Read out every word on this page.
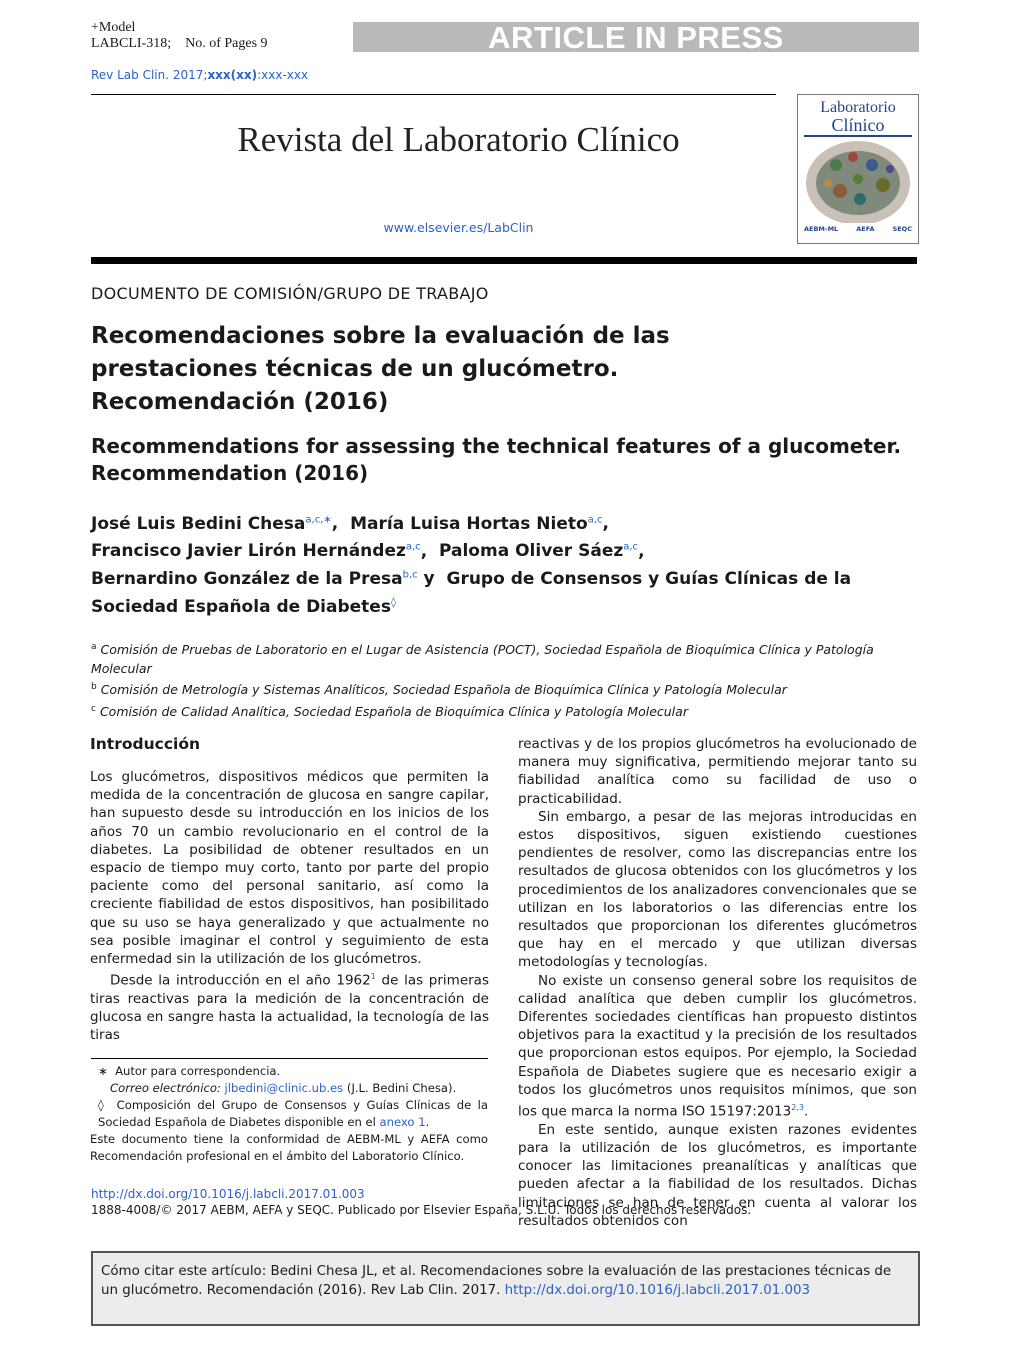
+Model
LABCLI-318;    No. of Pages 9	ARTICLE IN PRESS
Rev Lab Clin. 2017;xxx(xx):xxx-xxx
Revista del Laboratorio Clínico
www.elsevier.es/LabClin
Laboratorio
Clínico
AEBM-ML	AEFA	SEQC
DOCUMENTO DE COMISIÓN/GRUPO DE TRABAJO
Recomendaciones sobre la evaluación de las prestaciones técnicas de un glucómetro. Recomendación (2016)
Recommendations for assessing the technical features of a glucometer. Recommendation (2016)
José Luis Bedini Chesa$^{a,c,∗}$,  María Luisa Hortas Nieto$^{a,c}$,
Francisco Javier Lirón Hernández$^{a,c}$,  Paloma Oliver Sáez$^{a,c}$,
Bernardino González de la Presa$^{b,c}$ y  Grupo de Consensos y Guías Clínicas de la Sociedad Española de Diabetes◊
$^a$ Comisión de Pruebas de Laboratorio en el Lugar de Asistencia (POCT), Sociedad Española de Bioquímica Clínica y Patología Molecular
$^b$ Comisión de Metrología y Sistemas Analíticos, Sociedad Española de Bioquímica Clínica y Patología Molecular
$^c$ Comisión de Calidad Analítica, Sociedad Española de Bioquímica Clínica y Patología Molecular
Introducción

Los glucómetros, dispositivos médicos que permiten la medida de la concentración de glucosa en sangre capilar, han supuesto desde su introducción en los inicios de los años 70 un cambio revolucionario en el control de la diabetes. La posibilidad de obtener resultados en un espacio de tiempo muy corto, tanto por parte del propio paciente como del personal sanitario, así como la creciente fiabilidad de estos dispositivos, han posibilitado que su uso se haya generalizado y que actualmente no sea posible imaginar el control y seguimiento de esta enfermedad sin la utilización de los glucómetros.

Desde la introducción en el año 1962$^1$ de las primeras tiras reactivas para la medición de la concentración de glucosa en sangre hasta la actualidad, la tecnología de las tiras

reactivas y de los propios glucómetros ha evolucionado de manera muy significativa, permitiendo mejorar tanto su fiabilidad analítica como su facilidad de uso o practicabilidad.

Sin embargo, a pesar de las mejoras introducidas en estos dispositivos, siguen existiendo cuestiones pendientes de resolver, como las discrepancias entre los resultados de glucosa obtenidos con los glucómetros y los procedimientos de los analizadores convencionales que se utilizan en los laboratorios o las diferencias entre los resultados que proporcionan los diferentes glucómetros que hay en el mercado y que utilizan diversas metodologías y tecnologías.

No existe un consenso general sobre los requisitos de calidad analítica que deben cumplir los glucómetros. Diferentes sociedades científicas han propuesto distintos objetivos para la exactitud y la precisión de los resultados que proporcionan estos equipos. Por ejemplo, la Sociedad Española de Diabetes sugiere que es necesario exigir a todos los glucómetros unos requisitos mínimos, que son los que marca la norma ISO 15197:2013$^{2,3}$.

En este sentido, aunque existen razones evidentes para la utilización de los glucómetros, es importante conocer las limitaciones preanalíticas y analíticas que pueden afectar a la fiabilidad de los resultados. Dichas limitaciones se han de tener en cuenta al valorar los resultados obtenidos con

∗ Autor para correspondencia.

Correo electrónico: jlbedini@clinic.ub.es (J.L. Bedini Chesa).

◊ Composición del Grupo de Consensos y Guías Clínicas de la Sociedad Española de Diabetes disponible en el anexo 1.

Este documento tiene la conformidad de AEBM-ML y AEFA como Recomendación profesional en el ámbito del Laboratorio Clínico.

http://dx.doi.org/10.1016/j.labcli.2017.01.003
1888-4008/© 2017 AEBM, AEFA y SEQC. Publicado por Elsevier España, S.L.U. Todos los derechos reservados.
Cómo citar este artículo: Bedini Chesa JL, et al. Recomendaciones sobre la evaluación de las prestaciones técnicas de un glucómetro. Recomendación (2016). Rev Lab Clin. 2017. http://dx.doi.org/10.1016/j.labcli.2017.01.003
